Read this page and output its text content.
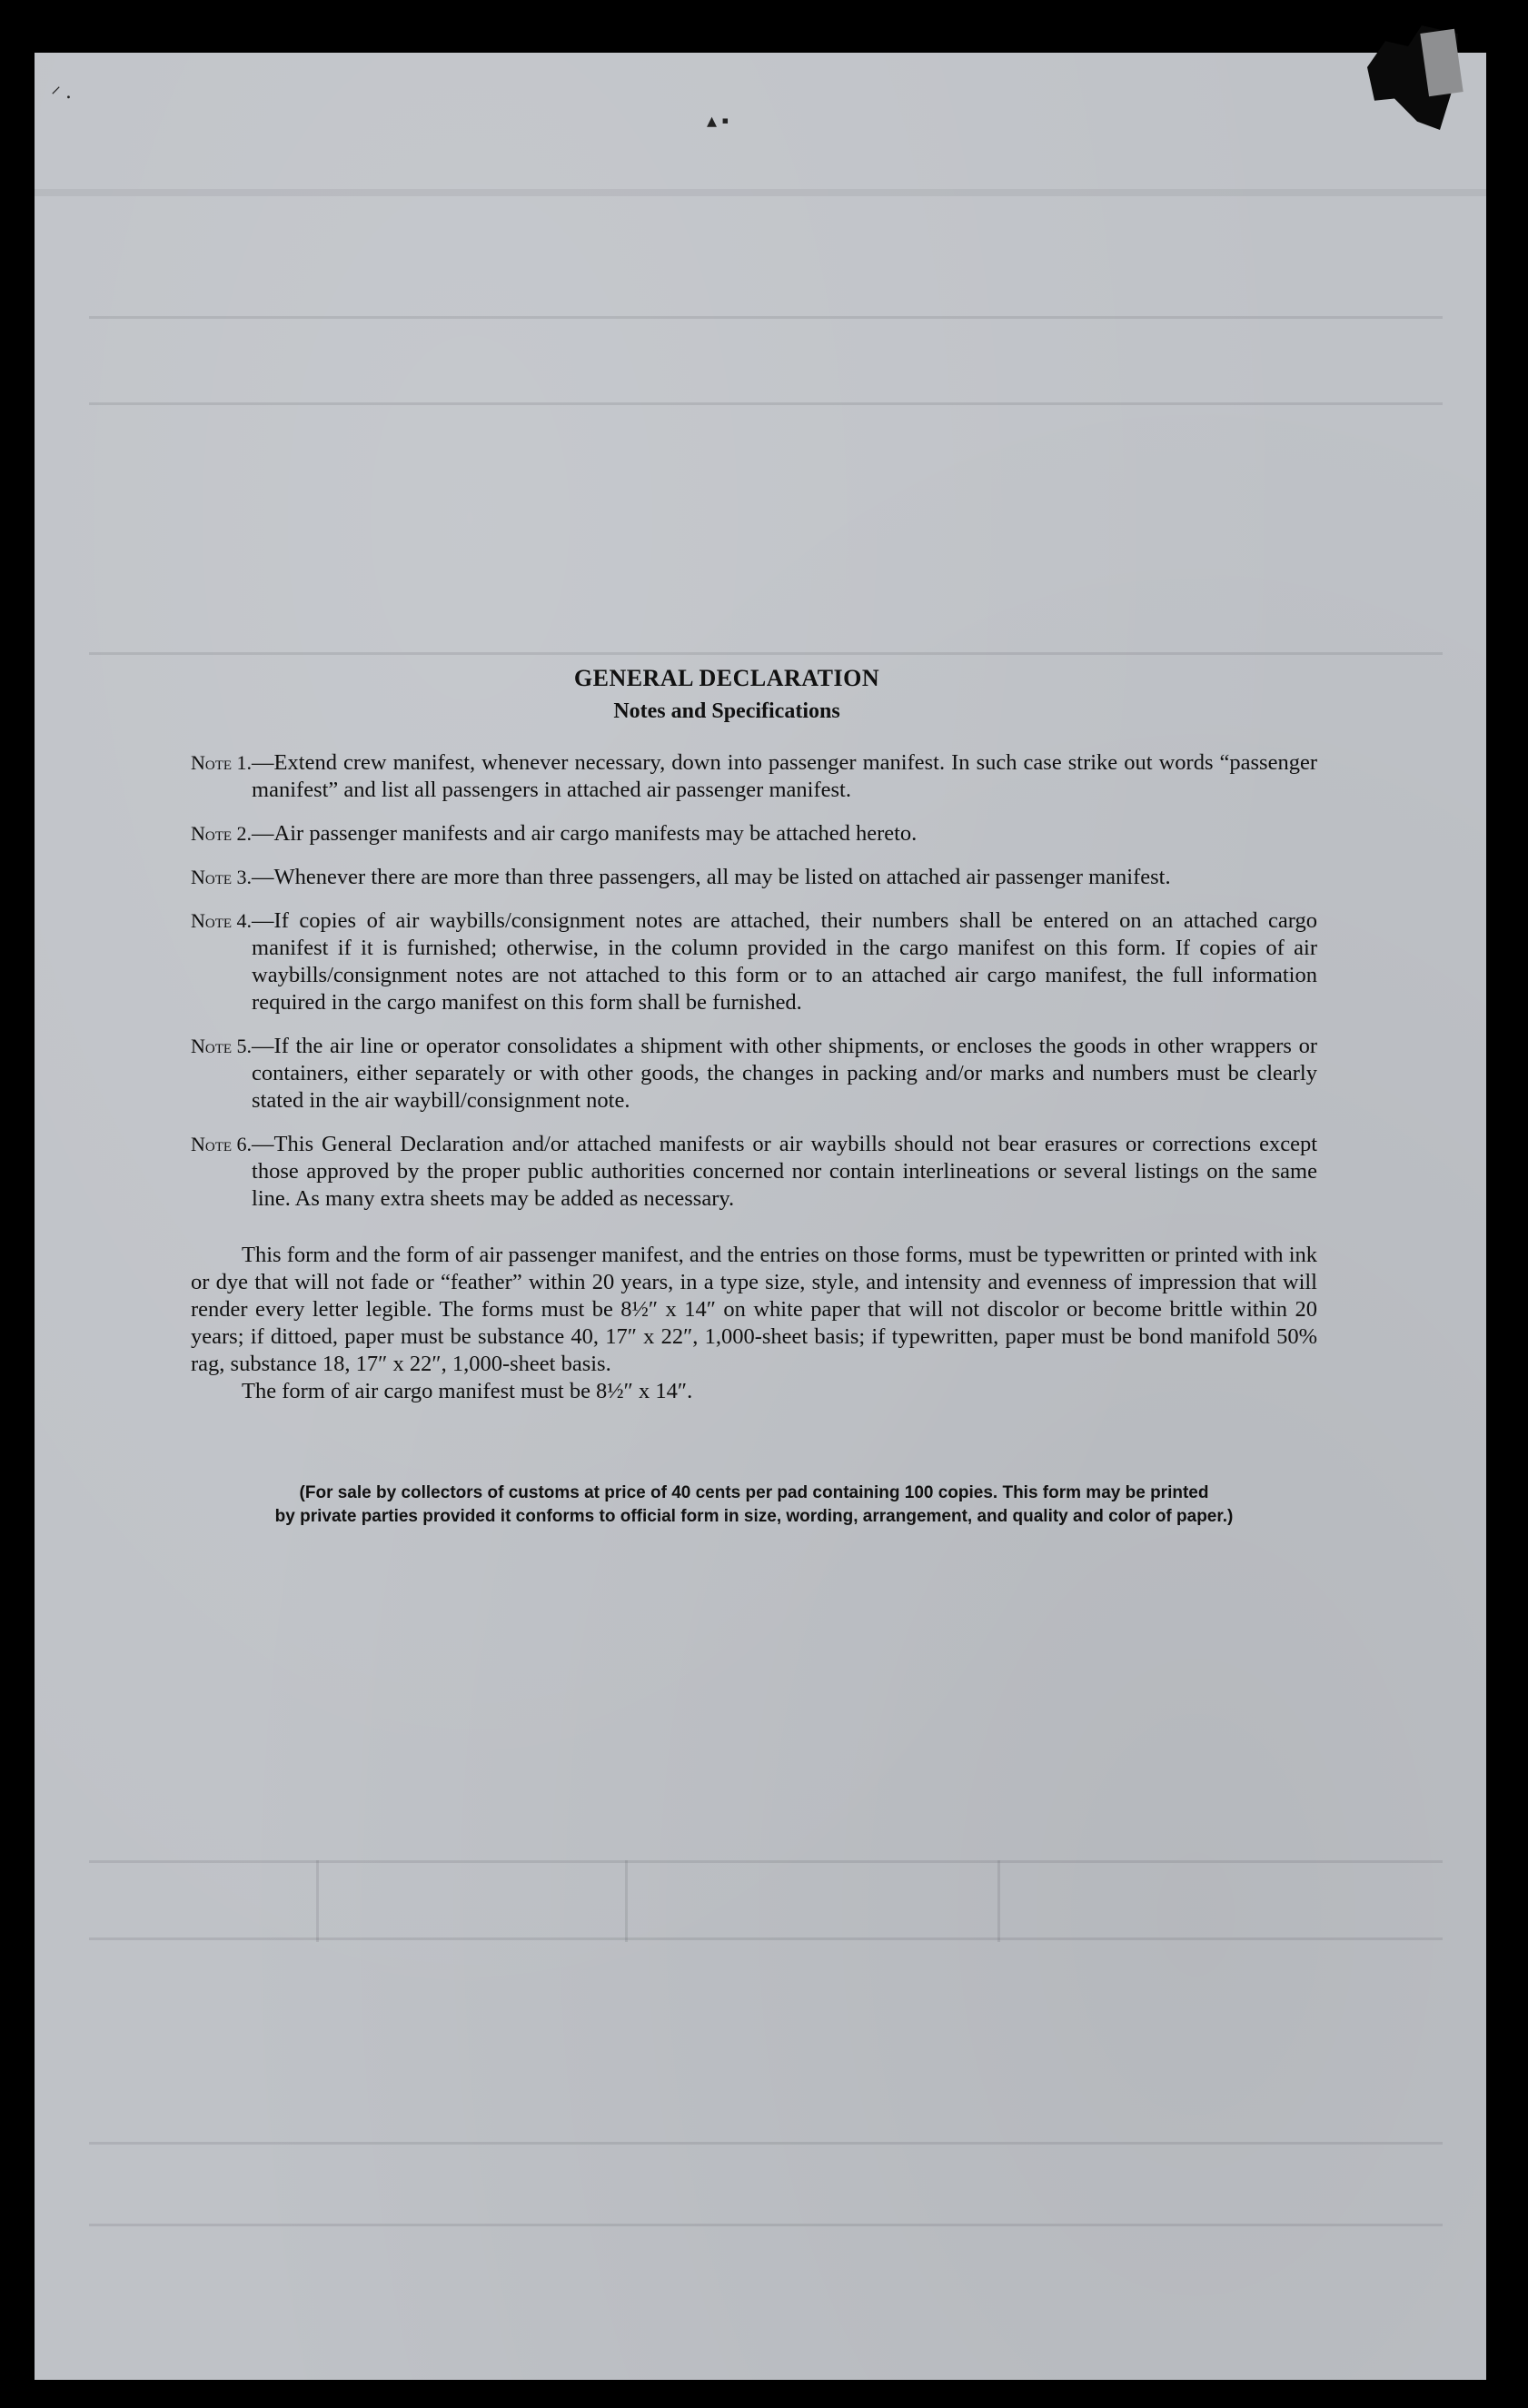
⸍ ⸳
▴ ▪
GENERAL DECLARATION
Notes and Specifications
Note 1. —Extend crew manifest, whenever necessary, down into passenger manifest. In such case strike out words “passenger manifest” and list all passengers in attached air passenger manifest.
Note 2. —Air passenger manifests and air cargo manifests may be attached hereto.
Note 3. —Whenever there are more than three passengers, all may be listed on attached air passenger manifest.
Note 4. —If copies of air waybills/consignment notes are attached, their numbers shall be entered on an attached cargo manifest if it is furnished; otherwise, in the column provided in the cargo manifest on this form. If copies of air waybills/consignment notes are not attached to this form or to an attached air cargo manifest, the full information required in the cargo manifest on this form shall be furnished.
Note 5. —If the air line or operator consolidates a shipment with other shipments, or encloses the goods in other wrappers or containers, either separately or with other goods, the changes in packing and/or marks and numbers must be clearly stated in the air waybill/consignment note.
Note 6. —This General Declaration and/or attached manifests or air waybills should not bear erasures or corrections except those approved by the proper public authorities concerned nor contain interlineations or several listings on the same line. As many extra sheets may be added as necessary.
This form and the form of air passenger manifest, and the entries on those forms, must be typewritten or printed with ink or dye that will not fade or “feather” within 20 years, in a type size, style, and intensity and evenness of impression that will render every letter legible. The forms must be 8½″ x 14″ on white paper that will not discolor or become brittle within 20 years; if dittoed, paper must be substance 40, 17″ x 22″, 1,000-sheet basis; if typewritten, paper must be bond manifold 50% rag, substance 18, 17″ x 22″, 1,000-sheet basis.
The form of air cargo manifest must be 8½″ x 14″.
(For sale by collectors of customs at price of 40 cents per pad containing 100 copies. This form may be printed
by private parties provided it conforms to official form in size, wording, arrangement, and quality and color of paper.)
